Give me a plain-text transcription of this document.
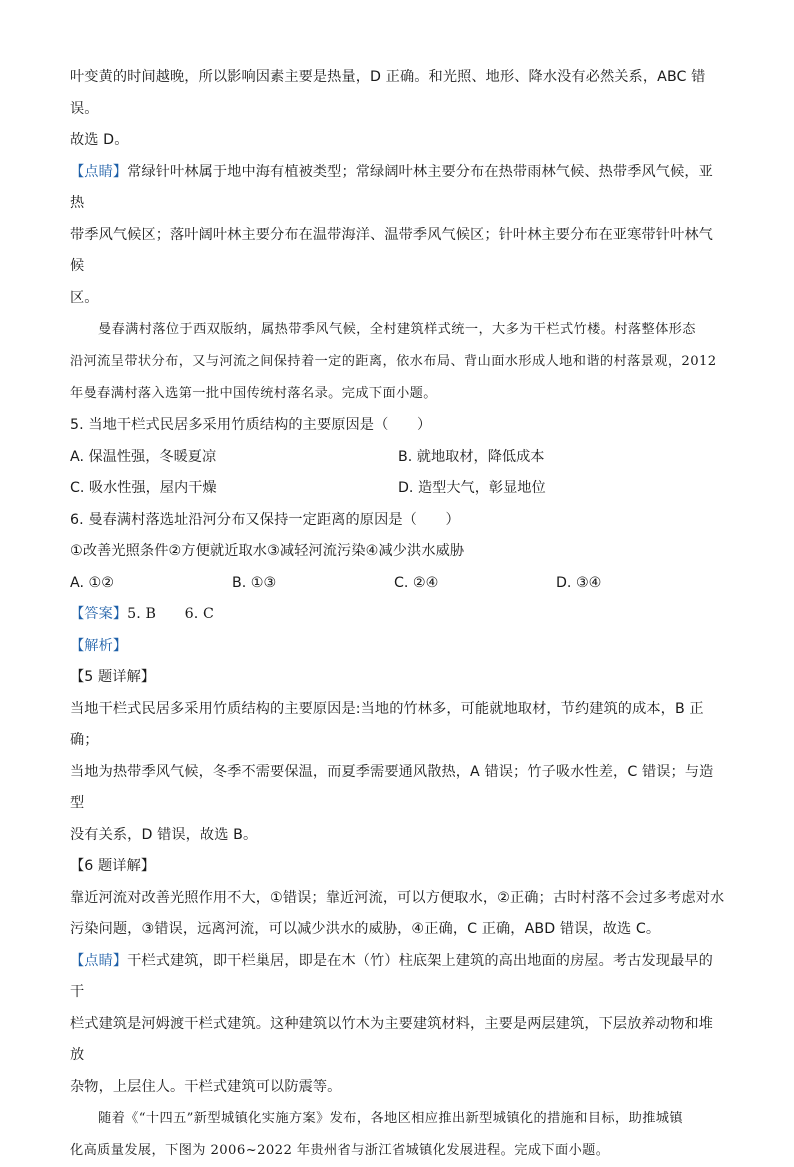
叶变黄的时间越晚，所以影响因素主要是热量，D 正确。和光照、地形、降水没有必然关系，ABC 错误。

故选 D。

【点睛】常绿针叶林属于地中海有植被类型；常绿阔叶林主要分布在热带雨林气候、热带季风气候，亚热

带季风气候区；落叶阔叶林主要分布在温带海洋、温带季风气候区；针叶林主要分布在亚寒带针叶林气候

区。

曼春满村落位于西双版纳，属热带季风气候，全村建筑样式统一，大多为干栏式竹楼。村落整体形态

沿河流呈带状分布，又与河流之间保持着一定的距离，依水布局、背山面水形成人地和谐的村落景观，2012

年曼春满村落入选第一批中国传统村落名录。完成下面小题。

5. 当地干栏式民居多采用竹质结构的主要原因是（　　）

A. 保温性强，冬暖夏凉	B. 就地取材，降低成本
C. 吸水性强，屋内干燥	D. 造型大气，彰显地位

6. 曼春满村落选址沿河分布又保持一定距离的原因是（　　）

①改善光照条件②方便就近取水③减轻河流污染④减少洪水威胁

A. ①②	B. ①③	C. ②④	D. ③④

【答案】5. B　　6. C

【解析】

【5 题详解】

当地干栏式民居多采用竹质结构的主要原因是:当地的竹林多，可能就地取材，节约建筑的成本，B 正确；

当地为热带季风气候，冬季不需要保温，而夏季需要通风散热，A 错误；竹子吸水性差，C 错误；与造型

没有关系，D 错误，故选 B。

【6 题详解】

靠近河流对改善光照作用不大，①错误；靠近河流，可以方便取水，②正确；古时村落不会过多考虑对水

污染问题，③错误，远离河流，可以减少洪水的威胁，④正确，C 正确，ABD 错误，故选 C。

【点睛】干栏式建筑，即干栏巢居，即是在木（竹）柱底架上建筑的高出地面的房屋。考古发现最早的干

栏式建筑是河姆渡干栏式建筑。这种建筑以竹木为主要建筑材料，主要是两层建筑，下层放养动物和堆放

杂物，上层住人。干栏式建筑可以防震等。

随着《“十四五”新型城镇化实施方案》发布，各地区相应推出新型城镇化的措施和目标，助推城镇

化高质量发展，下图为 2006~2022 年贵州省与浙江省城镇化发展进程。完成下面小题。
